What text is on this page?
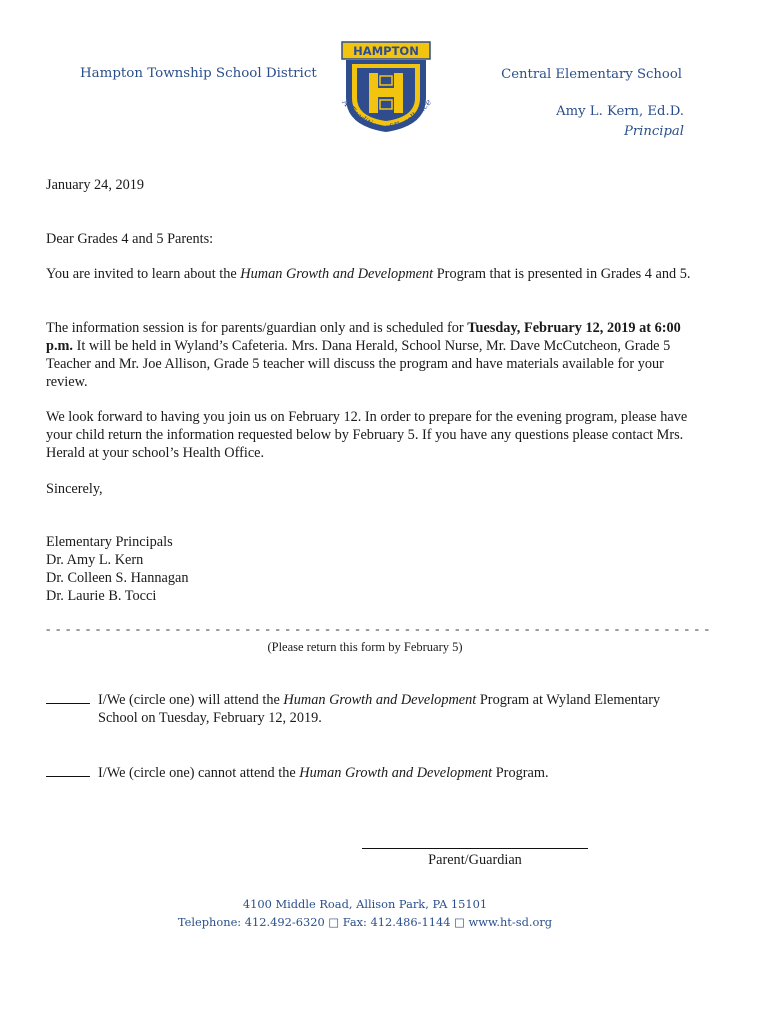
Hampton Township School District
HAMPTON
A Tradition of Excellence
Central Elementary School
Amy L. Kern, Ed.D.
Principal

January 24, 2019

Dear Grades 4 and 5 Parents:

You are invited to learn about the Human Growth and Development Program that is presented in Grades 4 and 5.

The information session is for parents/guardian only and is scheduled for Tuesday, February 12, 2019 at 6:00 p.m. It will be held in Wyland’s Cafeteria. Mrs. Dana Herald, School Nurse, Mr. Dave McCutcheon, Grade 5 Teacher and Mr. Joe Allison, Grade 5 teacher will discuss the program and have materials available for your review.

We look forward to having you join us on February 12. In order to prepare for the evening program, please have your child return the information requested below by February 5. If you have any questions please contact Mrs. Herald at your school’s Health Office.

Sincerely,

Elementary Principals

Dr. Amy L. Kern

Dr. Colleen S. Hannagan

Dr. Laurie B. Tocci

- - - - - - - - - - - - - - - - - - - - - - - - - - - - - - - - - - - - - - - - - - - - - - - - - - - - - - - - - - - - - - - - - - -
(Please return this form by February 5)
I/We (circle one) will attend the Human Growth and Development Program at Wyland Elementary School on Tuesday, February 12, 2019.
I/We (circle one) cannot attend the Human Growth and Development Program.
Parent/Guardian
4100 Middle Road, Allison Park, PA 15101
Telephone: 412.492-6320 □ Fax: 412.486-1144 □ www.ht-sd.org
